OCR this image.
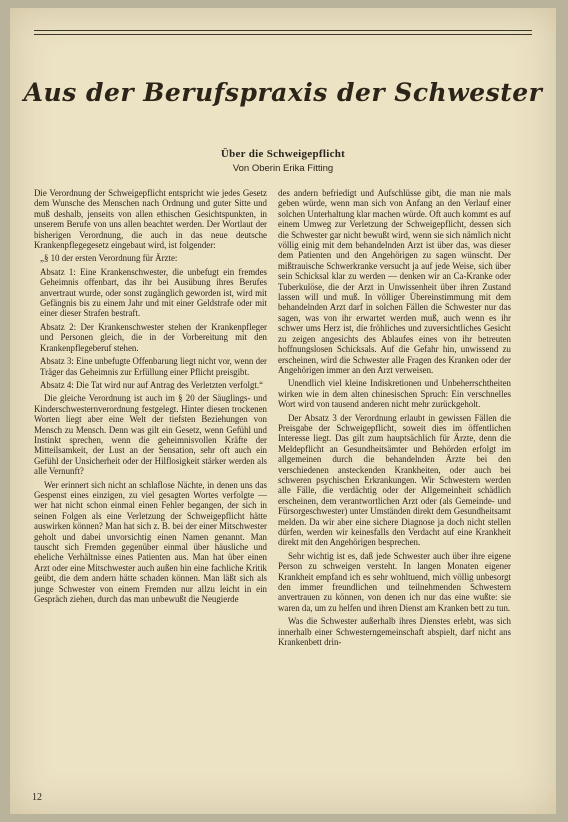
Aus der Berufspraxis der Schwester
Über die Schweigepflicht
Von Oberin Erika Fitting

Die Verordnung der Schweigepflicht entspricht wie jedes Gesetz dem Wunsche des Menschen nach Ordnung und guter Sitte und muß deshalb, jenseits von allen ethischen Gesichtspunkten, in unserem Berufe von uns allen beachtet werden. Der Wortlaut der bisherigen Verordnung, die auch in das neue deutsche Krankenpflegegesetz eingebaut wird, ist folgender:

„§ 10 der ersten Verordnung für Ärzte:

Absatz 1: Eine Krankenschwester, die unbefugt ein fremdes Geheimnis offenbart, das ihr bei Ausübung ihres Berufes anvertraut wurde, oder sonst zugänglich geworden ist, wird mit Gefängnis bis zu einem Jahr und mit einer Geldstrafe oder mit einer dieser Strafen bestraft.

Absatz 2: Der Krankenschwester stehen der Krankenpfleger und Personen gleich, die in der Vorbereitung mit den Krankenpflegeberuf stehen.

Absatz 3: Eine unbefugte Offenbarung liegt nicht vor, wenn der Träger das Geheimnis zur Erfüllung einer Pflicht preisgibt.

Absatz 4: Die Tat wird nur auf Antrag des Verletzten verfolgt.“

Die gleiche Verordnung ist auch im § 20 der Säuglings- und Kinderschwesternverordnung festgelegt. Hinter diesen trockenen Worten liegt aber eine Welt der tiefsten Beziehungen von Mensch zu Mensch. Denn was gilt ein Gesetz, wenn Gefühl und Instinkt sprechen, wenn die geheimnisvollen Kräfte der Mitteilsamkeit, der Lust an der Sensation, sehr oft auch ein Gefühl der Unsicherheit oder der Hilflosigkeit stärker werden als alle Vernunft?

Wer erinnert sich nicht an schlaflose Nächte, in denen uns das Gespenst eines einzigen, zu viel gesagten Wortes verfolgte — wer hat nicht schon einmal einen Fehler begangen, der sich in seinen Folgen als eine Verletzung der Schweigepflicht hätte auswirken können? Man hat sich z. B. bei der einer Mitschwester geholt und dabei unvorsichtig einen Namen genannt. Man tauscht sich Fremden gegenüber einmal über häusliche und eheliche Verhältnisse eines Patienten aus. Man hat über einen Arzt oder eine Mitschwester auch außen hin eine fachliche Kritik geübt, die dem andern hätte schaden können. Man läßt sich als junge Schwester von einem Fremden nur allzu leicht in ein Gespräch ziehen, durch das man unbewußt die Neugierde

des andern befriedigt und Aufschlüsse gibt, die man nie mals geben würde, wenn man sich von Anfang an den Verlauf einer solchen Unterhaltung klar machen würde. Oft auch kommt es auf einem Umweg zur Verletzung der Schweigepflicht, dessen sich die Schwester gar nicht bewußt wird, wenn sie sich nämlich nicht völlig einig mit dem behandelnden Arzt ist über das, was dieser dem Patienten und den Angehörigen zu sagen wünscht. Der mißtrauische Schwerkranke versucht ja auf jede Weise, sich über sein Schicksal klar zu werden — denken wir an Ca-Kranke oder Tuberkulöse, die der Arzt in Unwissenheit über ihren Zustand lassen will und muß. In völliger Übereinstimmung mit dem behandelnden Arzt darf in solchen Fällen die Schwester nur das sagen, was von ihr erwartet werden muß, auch wenn es ihr schwer ums Herz ist, die fröhliches und zuversichtliches Gesicht zu zeigen angesichts des Ablaufes eines von ihr betreuten hoffnungslosen Schicksals. Auf die Gefahr hin, unwissend zu erscheinen, wird die Schwester alle Fragen des Kranken oder der Angehörigen immer an den Arzt verweisen.

Unendlich viel kleine Indiskretionen und Unbeherrschtheiten wirken wie in dem alten chinesischen Spruch: Ein verschnelles Wort wird von tausend anderen nicht mehr zurückgeholt.

Der Absatz 3 der Verordnung erlaubt in gewissen Fällen die Preisgabe der Schweigepflicht, soweit dies im öffentlichen Interesse liegt. Das gilt zum hauptsächlich für Ärzte, denn die Meldepflicht an Gesundheitsämter und Behörden erfolgt im allgemeinen durch die behandelnden Ärzte bei den verschiedenen ansteckenden Krankheiten, oder auch bei schweren psychischen Erkrankungen. Wir Schwestern werden alle Fälle, die verdächtig oder der Allgemeinheit schädlich erscheinen, dem verantwortlichen Arzt oder (als Gemeinde- und Fürsorgeschwester) unter Umständen direkt dem Gesundheitsamt melden. Da wir aber eine sichere Diagnose ja doch nicht stellen dürfen, werden wir keinesfalls den Verdacht auf eine Krankheit direkt mit den Angehörigen besprechen.

Sehr wichtig ist es, daß jede Schwester auch über ihre eigene Person zu schweigen versteht. In langen Monaten eigener Krankheit empfand ich es sehr wohltuend, mich völlig unbesorgt den immer freundlichen und teilnehmenden Schwestern anvertrauen zu können, von denen ich nur das eine wußte: sie waren da, um zu helfen und ihren Dienst am Kranken bett zu tun.

Was die Schwester außerhalb ihres Dienstes erlebt, was sich innerhalb einer Schwesterngemeinschaft abspielt, darf nicht ans Krankenbett drin-

12
